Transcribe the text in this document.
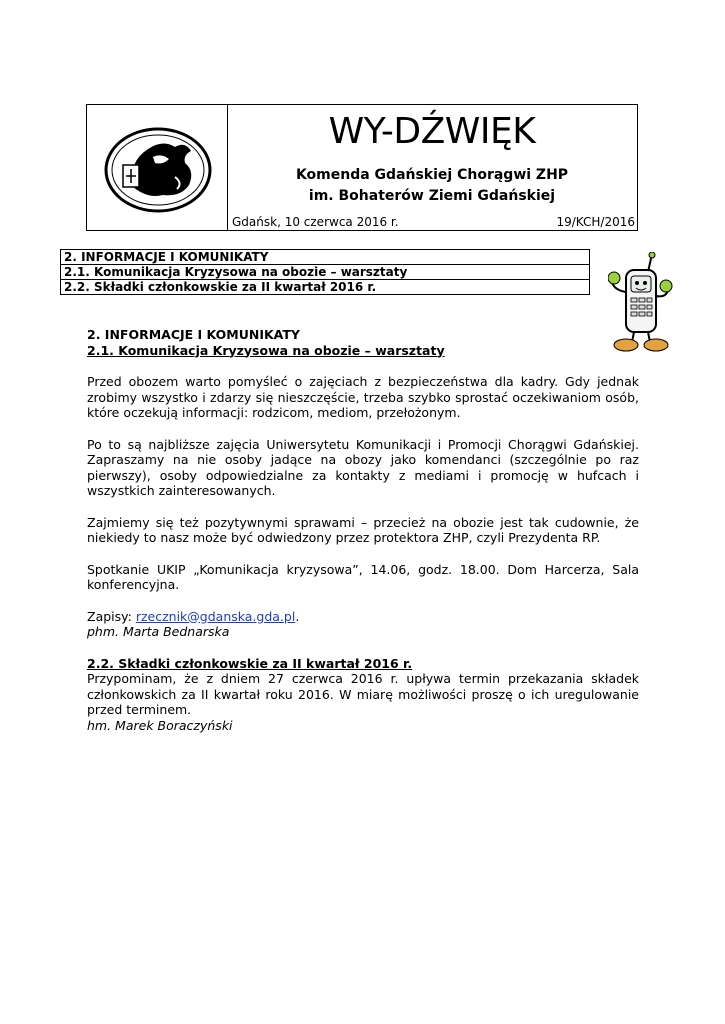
WY-DŹWIĘK
Komenda Gdańskiej Chorągwi ZHP
im. Bohaterów Ziemi Gdańskiej
Gdańsk, 10 czerwca 2016 r.	19/KCH/2016
2. INFORMACJE I KOMUNIKATY
2.1. Komunikacja Kryzysowa na obozie – warsztaty
2.2. Składki członkowskie za II kwartał 2016 r.

2. INFORMACJE I KOMUNIKATY

2.1. Komunikacja Kryzysowa na obozie – warsztaty

Przed obozem warto pomyśleć o zajęciach z bezpieczeństwa dla kadry. Gdy jednak zrobimy wszystko i zdarzy się nieszczęście, trzeba szybko sprostać oczekiwaniom osób, które oczekują informacji: rodzicom, mediom, przełożonym.

Po to są najbliższe zajęcia Uniwersytetu Komunikacji i Promocji Chorągwi Gdańskiej. Zapraszamy na nie osoby jadące na obozy jako komendanci (szczególnie po raz pierwszy), osoby odpowiedzialne za kontakty z mediami i promocję w hufcach i wszystkich zainteresowanych.

Zajmiemy się też pozytywnymi sprawami – przecież na obozie jest tak cudownie, że niekiedy to nasz może być odwiedzony przez protektora ZHP, czyli Prezydenta RP.

Spotkanie UKIP „Komunikacja kryzysowa”, 14.06, godz. 18.00. Dom Harcerza, Sala konferencyjna.

Zapisy: rzecznik@gdanska.gda.pl.

phm. Marta Bednarska

2.2. Składki członkowskie za II kwartał 2016 r.

Przypominam, że z dniem 27 czerwca 2016 r. upływa termin przekazania składek członkowskich za II kwartał roku 2016. W miarę możliwości proszę o ich uregulowanie przed terminem.

hm. Marek Boraczyński
